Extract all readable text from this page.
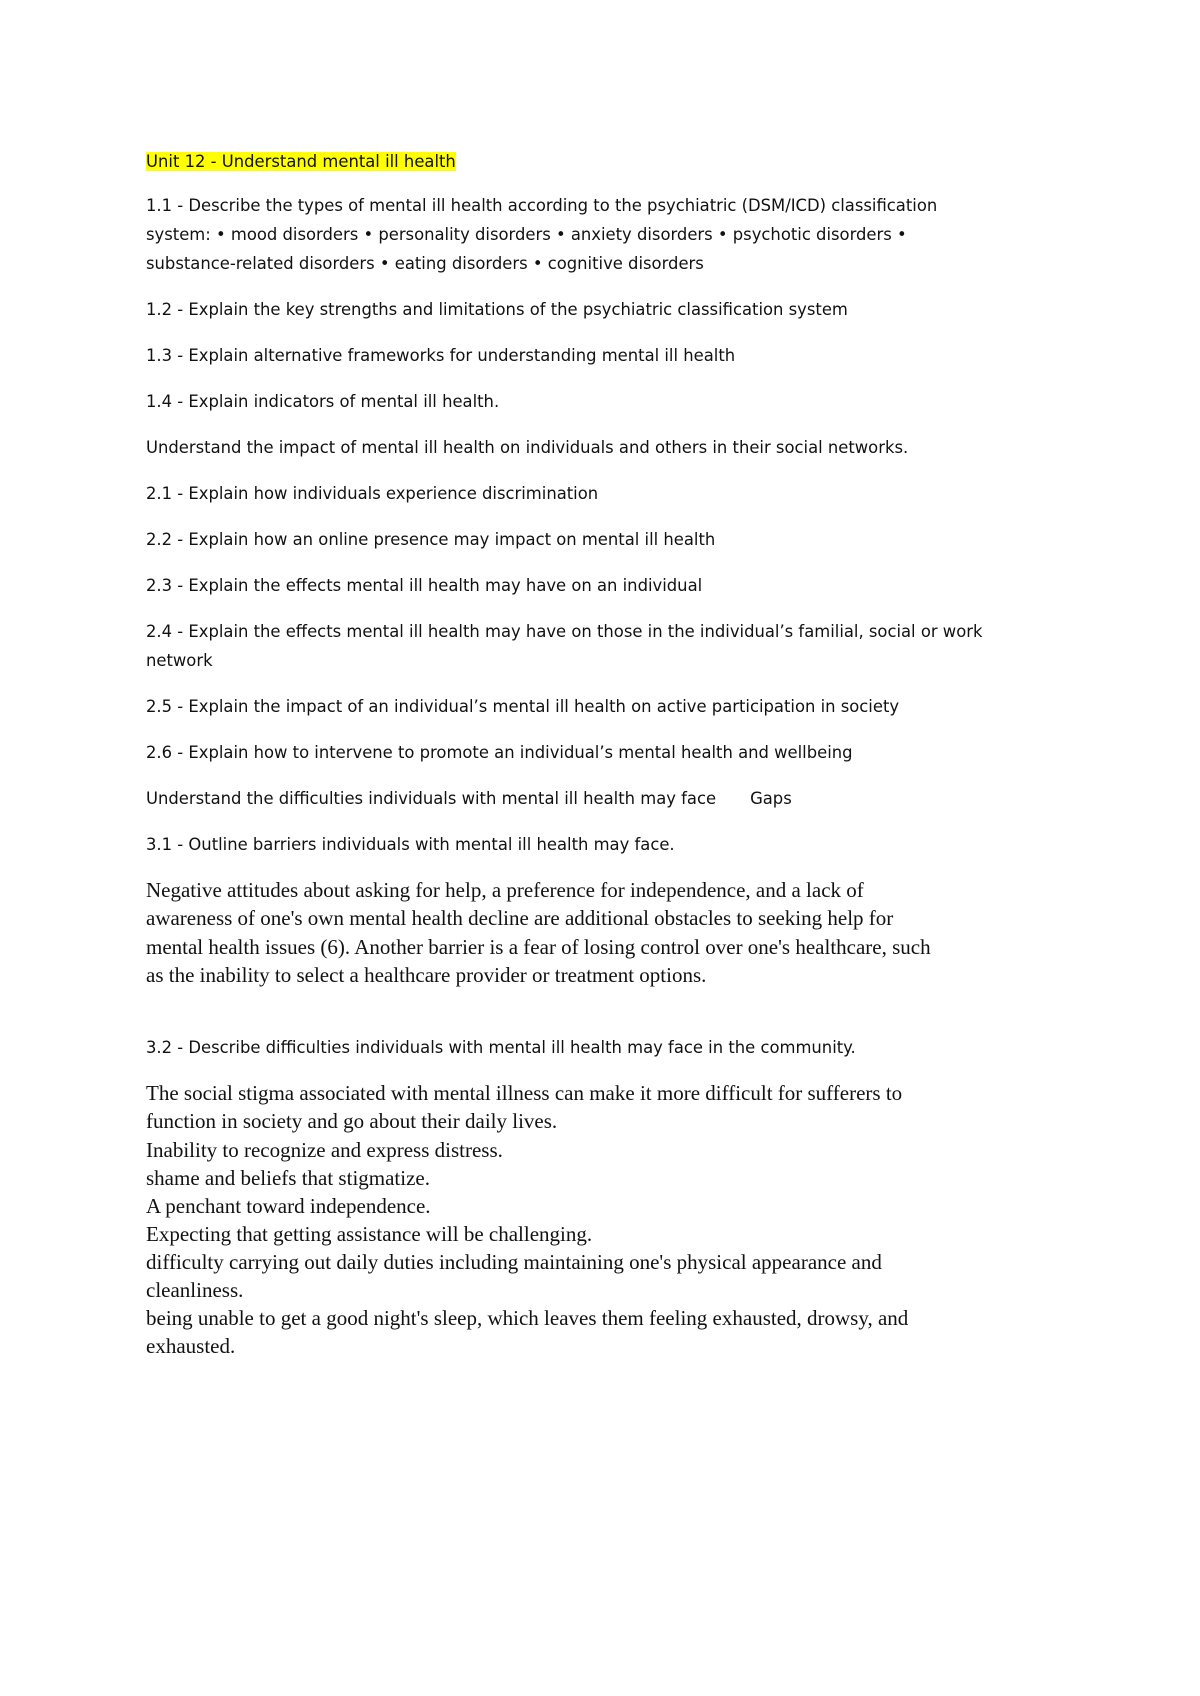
Unit 12 - Understand mental ill health

1.1 - Describe the types of mental ill health according to the psychiatric (DSM/ICD) classification

system: • mood disorders • personality disorders • anxiety disorders • psychotic disorders •

substance-related disorders • eating disorders • cognitive disorders

1.2 - Explain the key strengths and limitations of the psychiatric classification system

1.3 - Explain alternative frameworks for understanding mental ill health

1.4 - Explain indicators of mental ill health.

Understand the impact of mental ill health on individuals and others in their social networks.

2.1 - Explain how individuals experience discrimination

2.2 - Explain how an online presence may impact on mental ill health

2.3 - Explain the effects mental ill health may have on an individual

2.4 - Explain the effects mental ill health may have on those in the individual’s familial, social or work

network

2.5 - Explain the impact of an individual’s mental ill health on active participation in society

2.6 - Explain how to intervene to promote an individual’s mental health and wellbeing

Understand the difficulties individuals with mental ill health may face Gaps

3.1 - Outline barriers individuals with mental ill health may face.

Negative attitudes about asking for help, a preference for independence, and a lack of

awareness of one's own mental health decline are additional obstacles to seeking help for

mental health issues (6). Another barrier is a fear of losing control over one's healthcare, such

as the inability to select a healthcare provider or treatment options.

3.2 - Describe difficulties individuals with mental ill health may face in the community.

The social stigma associated with mental illness can make it more difficult for sufferers to

function in society and go about their daily lives.

Inability to recognize and express distress.

shame and beliefs that stigmatize.

A penchant toward independence.

Expecting that getting assistance will be challenging.

difficulty carrying out daily duties including maintaining one's physical appearance and

cleanliness.

being unable to get a good night's sleep, which leaves them feeling exhausted, drowsy, and

exhausted.
